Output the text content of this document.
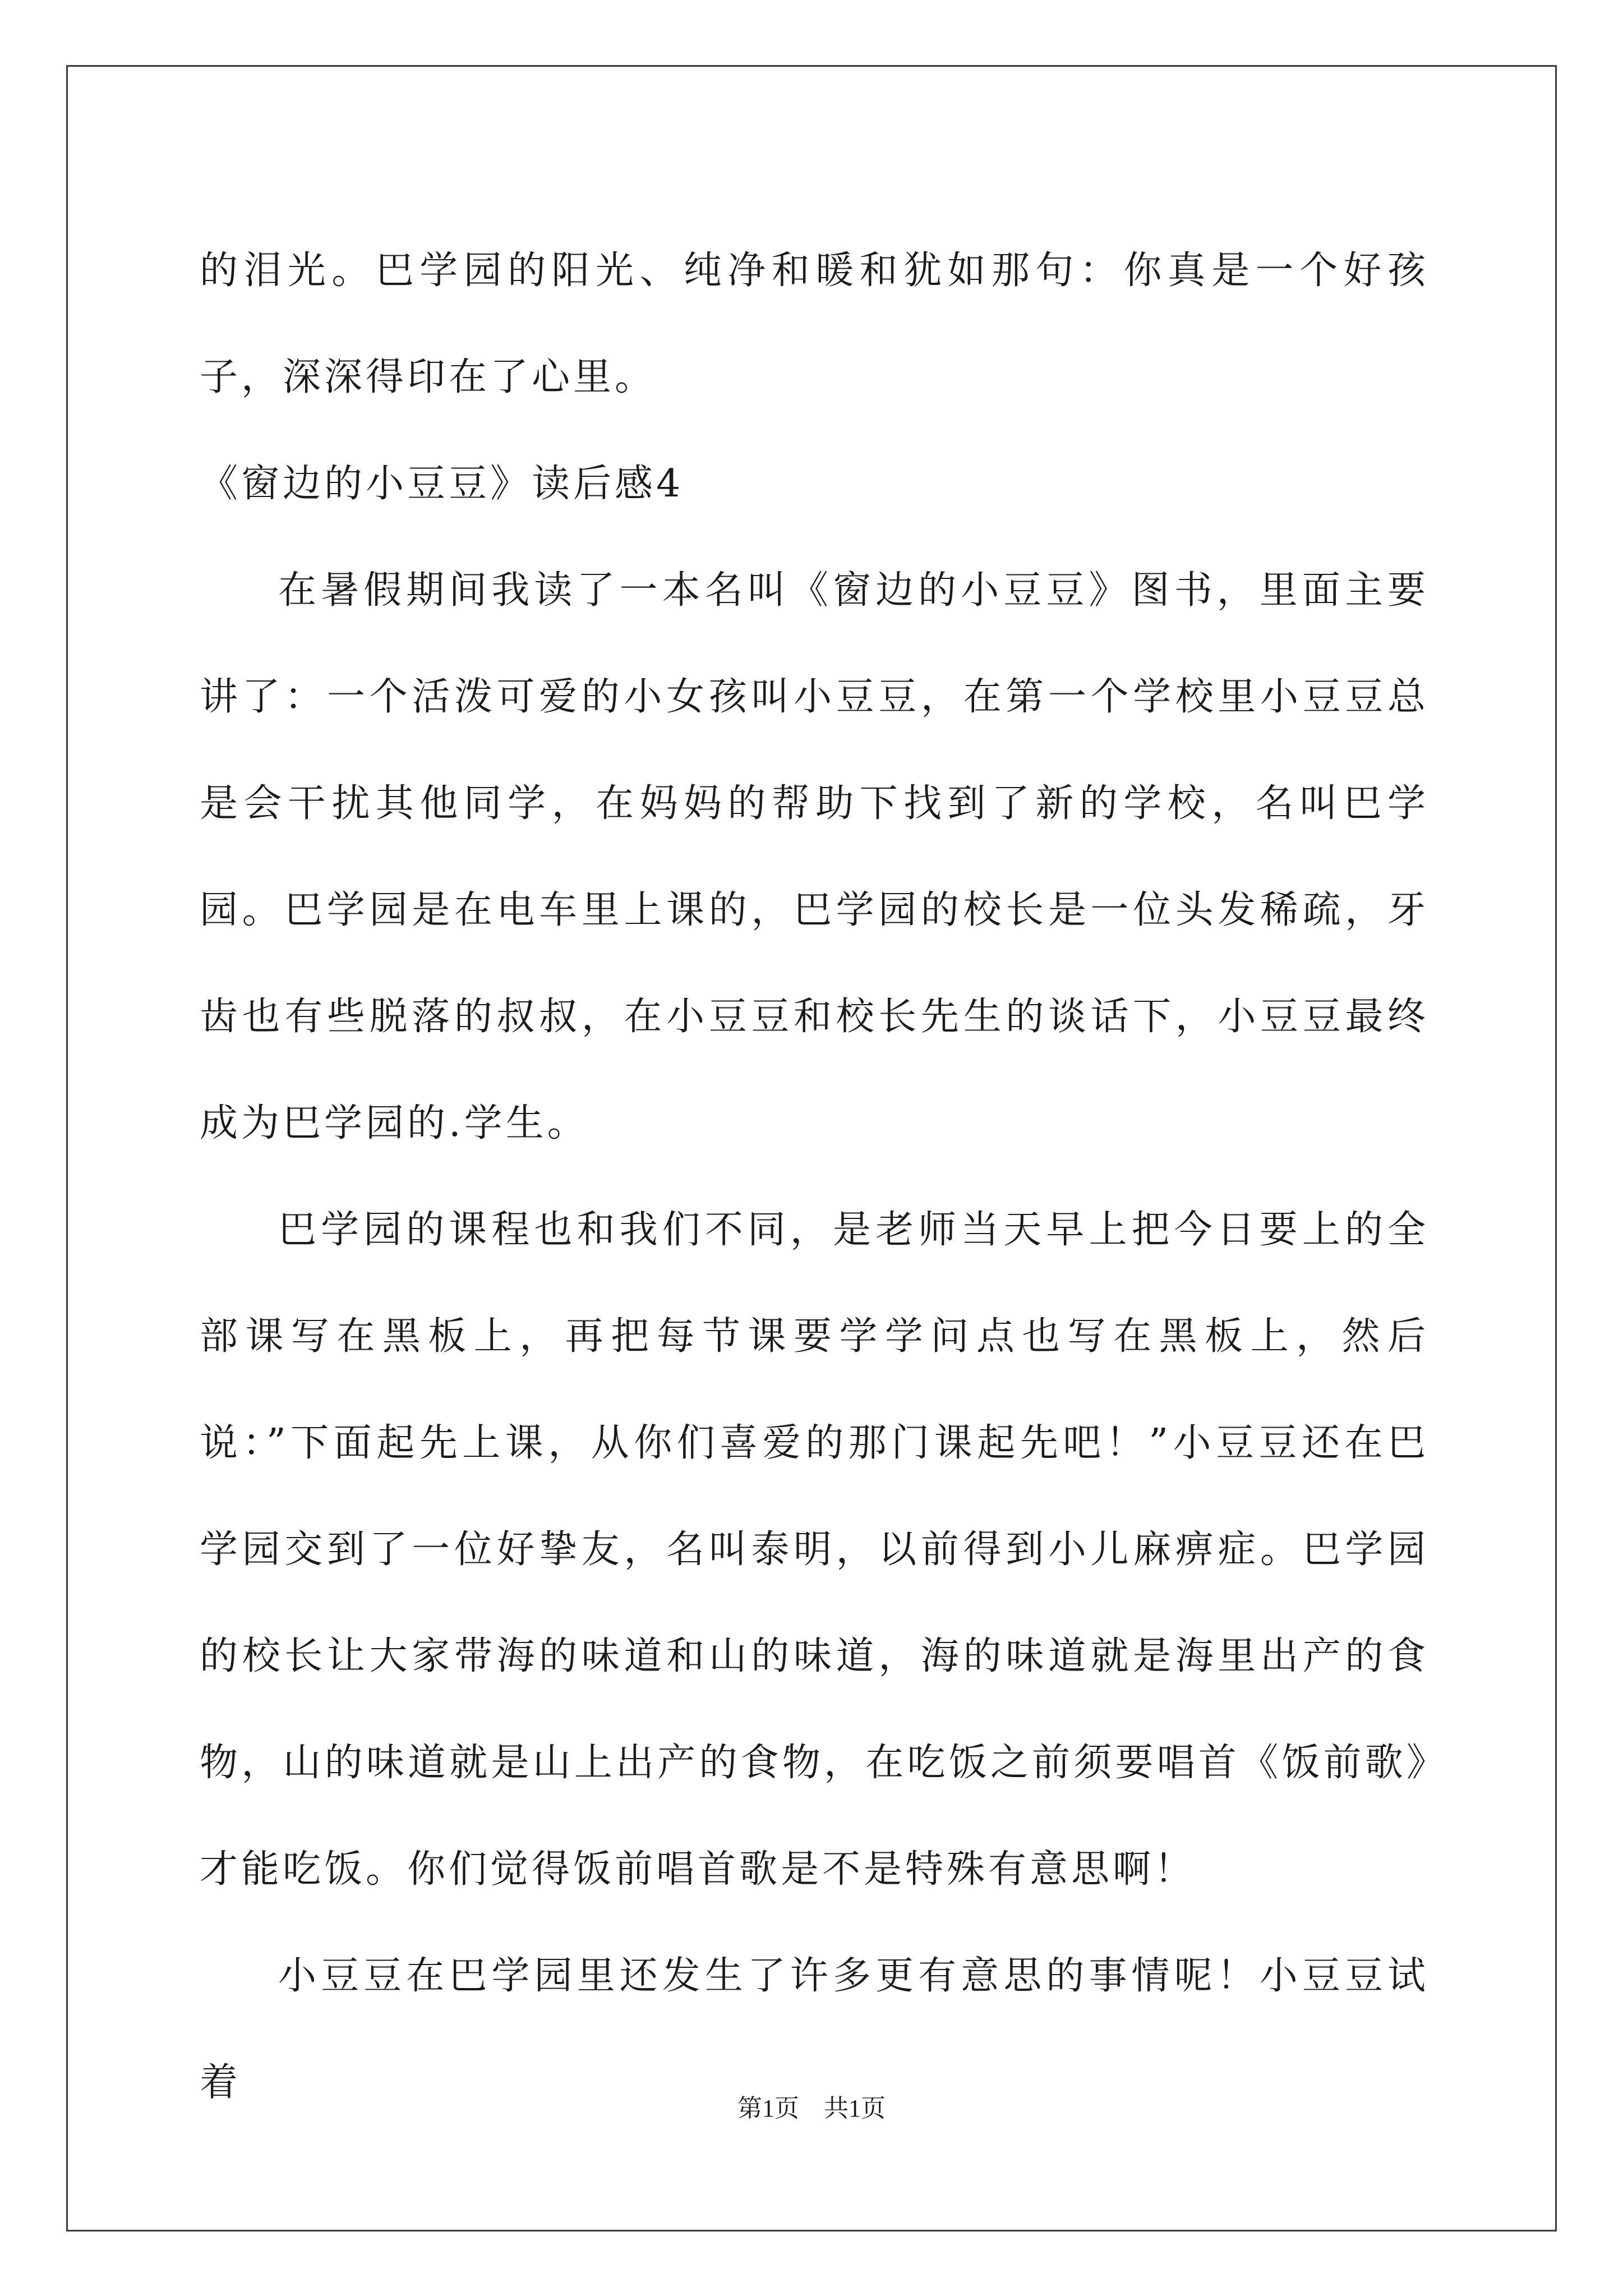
的泪光。巴学园的阳光、纯净和暖和犹如那句：你真是一个好孩子，深深得印在了心里。

《窗边的小豆豆》读后感4

在暑假期间我读了一本名叫《窗边的小豆豆》图书，里面主要讲了：一个活泼可爱的小女孩叫小豆豆，在第一个学校里小豆豆总是会干扰其他同学，在妈妈的帮助下找到了新的学校，名叫巴学园。巴学园是在电车里上课的，巴学园的校长是一位头发稀疏，牙齿也有些脱落的叔叔，在小豆豆和校长先生的谈话下，小豆豆最终成为巴学园的.学生。

巴学园的课程也和我们不同，是老师当天早上把今日要上的全部课写在黑板上，再把每节课要学学问点也写在黑板上，然后说：”下面起先上课，从你们喜爱的那门课起先吧！”小豆豆还在巴学园交到了一位好挚友，名叫泰明，以前得到小儿麻痹症。巴学园的校长让大家带海的味道和山的味道，海的味道就是海里出产的食物，山的味道就是山上出产的食物，在吃饭之前须要唱首《饭前歌》才能吃饭。你们觉得饭前唱首歌是不是特殊有意思啊！

小豆豆在巴学园里还发生了许多更有意思的事情呢！小豆豆试着

第1页    共1页
